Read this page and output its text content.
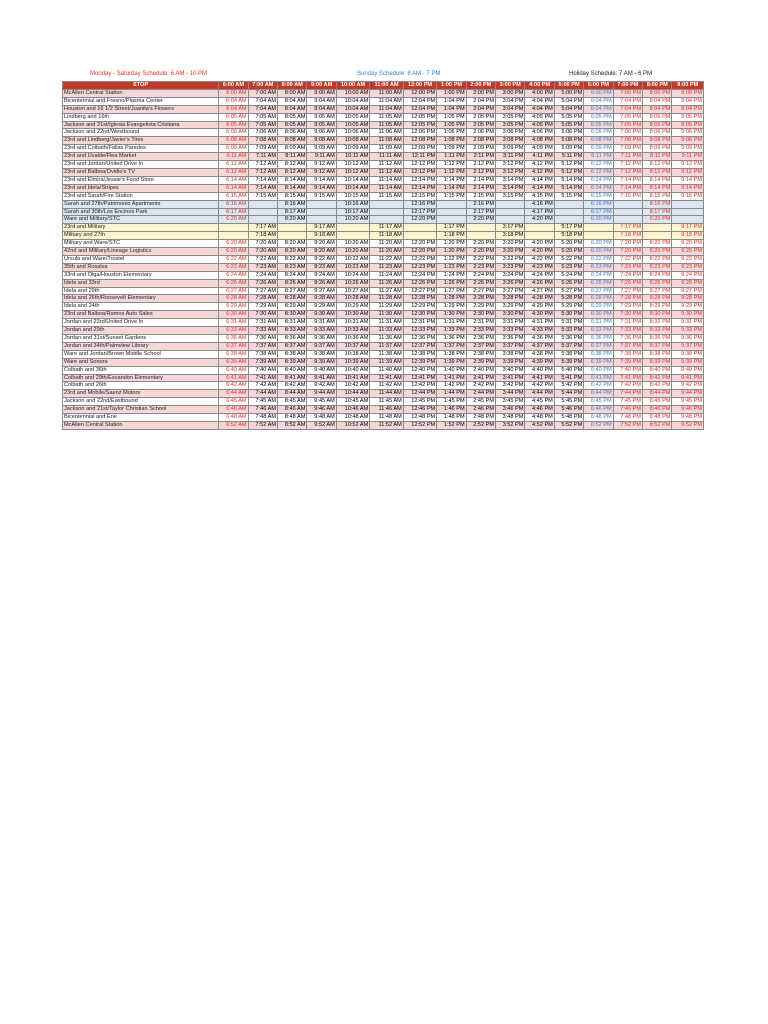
Monday - Saturday Schedule: 6 AM - 10 PM	Sunday Schedule: 8 AM - 7 PM	Holiday Schedule: 7 AM - 6 PM
STOP	6:00 AM	7:00 AM	8:00 AM	9:00 AM	10:00 AM	11:00 AM	12:00 PM	1:00 PM	2:00 PM	3:00 PM	4:00 PM	5:00 PM	6:00 PM	7:00 PM	8:00 PM	9:00 PM
McAllen Central Station	6:00 AM	7:00 AM	8:00 AM	9:00 AM	10:00 AM	11:00 AM	12:00 PM	1:00 PM	2:00 PM	3:00 PM	4:00 PM	5:00 PM	6:00 PM	7:00 PM	8:00 PM	9:00 PM
Bicentennial and Fresno/Plasma Center	6:04 AM	7:04 AM	8:04 AM	9:04 AM	10:04 AM	11:04 AM	12:04 PM	1:04 PM	2:04 PM	3:04 PM	4:04 PM	5:04 PM	6:04 PM	7:04 PM	8:04 PM	9:04 PM
Houston and 16 1/2 Street/Juanita's Flowers	6:04 AM	7:04 AM	8:04 AM	9:04 AM	10:04 AM	11:04 AM	12:04 PM	1:04 PM	2:04 PM	3:04 PM	4:04 PM	5:04 PM	6:04 PM	7:04 PM	8:04 PM	9:04 PM
Lindberg and 16th	6:05 AM	7:05 AM	8:05 AM	9:05 AM	10:05 AM	11:05 AM	12:05 PM	1:05 PM	2:05 PM	3:05 PM	4:05 PM	5:05 PM	6:05 PM	7:05 PM	8:05 PM	9:05 PM
Jackson and 21st/Iglesia Evangelista Cristiana	6:05 AM	7:05 AM	8:05 AM	9:05 AM	10:05 AM	11:05 AM	12:05 PM	1:05 PM	2:05 PM	3:05 PM	4:05 PM	5:05 PM	6:05 PM	7:05 PM	8:05 PM	9:05 PM
Jackson and 22nd/Westbound	6:06 AM	7:06 AM	8:06 AM	9:06 AM	10:06 AM	11:06 AM	12:06 PM	1:06 PM	2:06 PM	3:06 PM	4:06 PM	5:06 PM	6:06 PM	7:06 PM	8:06 PM	9:06 PM
23rd and Lindberg/Javier's Tires	6:08 AM	7:08 AM	8:08 AM	9:08 AM	10:08 AM	11:08 AM	12:08 PM	1:08 PM	2:08 PM	3:08 PM	4:08 PM	5:08 PM	6:08 PM	7:08 PM	8:08 PM	9:08 PM
23rd and Colbath/Fallas Paredes	6:09 AM	7:09 AM	8:09 AM	9:09 AM	10:09 AM	11:09 AM	12:09 PM	1:09 PM	2:09 PM	3:09 PM	4:09 PM	5:09 PM	6:09 PM	7:09 PM	8:09 PM	9:09 PM
23rd and Uvalde/Flea Market	6:11 AM	7:11 AM	8:11 AM	9:11 AM	10:11 AM	11:11 AM	12:11 PM	1:11 PM	2:11 PM	3:11 PM	4:11 PM	5:11 PM	6:11 PM	7:11 PM	8:11 PM	9:11 PM
23rd and Jordan/United Drive In	6:12 AM	7:12 AM	8:12 AM	9:12 AM	10:12 AM	11:12 AM	12:12 PM	1:12 PM	2:12 PM	3:12 PM	4:12 PM	5:12 PM	6:12 PM	7:12 PM	8:12 PM	9:12 PM
23rd and Balboa/Ovidio's TV	6:12 AM	7:12 AM	8:12 AM	9:12 AM	10:12 AM	11:12 AM	12:12 PM	1:12 PM	2:12 PM	3:12 PM	4:12 PM	5:12 PM	6:12 PM	7:12 PM	8:12 PM	9:12 PM
23rd and Elmira/Jessie's Food Store	6:14 AM	7:14 AM	8:14 AM	9:14 AM	10:14 AM	11:14 AM	12:14 PM	1:14 PM	2:14 PM	3:14 PM	4:14 PM	5:14 PM	6:14 PM	7:14 PM	8:14 PM	9:14 PM
23rd and Idela/Stripes	6:14 AM	7:14 AM	8:14 AM	9:14 AM	10:14 AM	11:14 AM	12:14 PM	1:14 PM	2:14 PM	3:14 PM	4:14 PM	5:14 PM	6:14 PM	7:14 PM	8:14 PM	9:14 PM
23rd and Sarah/Fire Station	6:15 AM	7:15 AM	8:15 AM	9:15 AM	10:15 AM	11:15 AM	12:15 PM	1:15 PM	2:15 PM	3:15 PM	4:15 PM	5:15 PM	6:15 PM	7:15 PM	8:15 PM	9:15 PM
Sarah and 27th/Patrimonio Apartments	6:16 AM		8:16 AM		10:16 AM		12:16 PM		2:16 PM		4:16 PM		6:16 PM		8:16 PM	
Sarah and 30th/Los Encinos Park	6:17 AM		8:17 AM		10:17 AM		12:17 PM		2:17 PM		4:17 PM		6:17 PM		8:17 PM	
Ware and Military/STC	6:20 AM		8:20 AM		10:20 AM		12:20 PM		2:20 PM		4:20 PM		6:20 PM		8:20 PM	
23rd and Military		7:17 AM		9:17 AM		11:17 AM		1:17 PM		3:17 PM		5:17 PM		7:17 PM		9:17 PM
Military and 27th		7:18 AM		9:18 AM		11:18 AM		1:18 PM		3:18 PM		5:18 PM		7:18 PM		9:18 PM
Military and Ware/STC	6:20 AM	7:20 AM	8:20 AM	9:20 AM	10:20 AM	11:20 AM	12:20 PM	1:20 PM	2:20 PM	3:20 PM	4:20 PM	5:20 PM	6:20 PM	7:20 PM	8:20 PM	9:20 PM
42nd and Military/Lineage Logistics	6:20 AM	7:20 AM	8:20 AM	9:20 AM	10:20 AM	11:20 AM	12:20 PM	1:20 PM	2:20 PM	3:20 PM	4:20 PM	5:20 PM	6:20 PM	7:20 PM	8:20 PM	9:20 PM
Ursula and Ware/Trostel	6:22 AM	7:22 AM	8:22 AM	9:22 AM	10:22 AM	11:22 AM	12:22 PM	1:22 PM	2:22 PM	3:22 PM	4:22 PM	5:22 PM	6:22 PM	7:22 PM	8:22 PM	9:22 PM
35th and Rosalva	6:23 AM	7:23 AM	8:23 AM	9:23 AM	10:23 AM	11:23 AM	12:23 PM	1:23 PM	2:23 PM	3:23 PM	4:23 PM	5:23 PM	6:23 PM	7:23 PM	8:23 PM	9:23 PM
33rd and Olga/Houston Elementary	6:24 AM	7:24 AM	8:24 AM	9:24 AM	10:24 AM	11:24 AM	12:24 PM	1:24 PM	2:24 PM	3:24 PM	4:24 PM	5:24 PM	6:24 PM	7:24 PM	8:24 PM	9:24 PM
Idela and 33rd	6:26 AM	7:26 AM	8:26 AM	9:26 AM	10:26 AM	11:26 AM	12:26 PM	1:26 PM	2:26 PM	3:26 PM	4:26 PM	5:26 PM	6:26 PM	7:26 PM	8:26 PM	9:26 PM
Idela and 29th	6:27 AM	7:27 AM	8:27 AM	9:27 AM	10:27 AM	11:27 AM	12:27 PM	1:27 PM	2:27 PM	3:27 PM	4:27 PM	5:27 PM	6:27 PM	7:27 PM	8:27 PM	9:27 PM
Idela and 26th/Roosevelt Elementary	6:28 AM	7:28 AM	8:28 AM	9:28 AM	10:28 AM	11:28 AM	12:28 PM	1:28 PM	2:28 PM	3:28 PM	4:28 PM	5:28 PM	6:28 PM	7:28 PM	8:28 PM	9:28 PM
Idela and 24th	6:29 AM	7:29 AM	8:29 AM	9:29 AM	10:29 AM	11:29 AM	12:29 PM	1:29 PM	2:29 PM	3:29 PM	4:29 PM	5:29 PM	6:29 PM	7:29 PM	8:29 PM	9:29 PM
23rd and Balboa/Ramos Auto Sales	6:30 AM	7:30 AM	8:30 AM	9:30 AM	10:30 AM	11:30 AM	12:30 PM	1:30 PM	2:30 PM	3:30 PM	4:30 PM	5:30 PM	6:30 PM	7:30 PM	8:30 PM	9:30 PM
Jordan and 23rd/United Drive In	6:31 AM	7:31 AM	8:31 AM	9:31 AM	10:31 AM	11:31 AM	12:31 PM	1:31 PM	2:31 PM	3:31 PM	4:31 PM	5:31 PM	6:31 PM	7:31 PM	8:31 PM	9:31 PM
Jordan and 29th	6:33 AM	7:33 AM	8:33 AM	9:33 AM	10:33 AM	11:33 AM	12:33 PM	1:33 PM	2:33 PM	3:33 PM	4:33 PM	5:33 PM	6:33 PM	7:33 PM	8:33 PM	9:33 PM
Jordan and 31st/Sunset Gardens	6:36 AM	7:36 AM	8:36 AM	9:36 AM	10:36 AM	11:36 AM	12:36 PM	1:36 PM	2:36 PM	3:36 PM	4:36 PM	5:36 PM	6:36 PM	7:36 PM	8:36 PM	9:36 PM
Jordan and 34th/Palmview Library	6:37 AM	7:37 AM	8:37 AM	9:37 AM	10:37 AM	11:37 AM	12:37 PM	1:37 PM	2:37 PM	3:37 PM	4:37 PM	5:37 PM	6:37 PM	7:37 PM	8:37 PM	9:37 PM
Ware and Jordan/Brown Middle School	6:38 AM	7:38 AM	8:38 AM	9:38 AM	10:38 AM	11:38 AM	12:38 PM	1:38 PM	2:38 PM	3:38 PM	4:38 PM	5:38 PM	6:38 PM	7:38 PM	8:38 PM	9:38 PM
Ware and Sonora	6:39 AM	7:39 AM	8:39 AM	9:39 AM	10:39 AM	11:39 AM	12:39 PM	1:39 PM	2:39 PM	3:39 PM	4:39 PM	5:39 PM	6:39 PM	7:39 PM	8:39 PM	9:39 PM
Colbath and 36th	6:40 AM	7:40 AM	8:40 AM	9:40 AM	10:40 AM	11:40 AM	12:40 PM	1:40 PM	2:40 PM	3:40 PM	4:40 PM	5:40 PM	6:40 PM	7:40 PM	8:40 PM	9:40 PM
Colbath and 29th/Escandon Elementary	6:41 AM	7:41 AM	8:41 AM	9:41 AM	10:41 AM	11:41 AM	12:41 PM	1:41 PM	2:41 PM	3:41 PM	4:41 PM	5:41 PM	6:41 PM	7:41 PM	8:41 PM	9:41 PM
Colbath and 26th	6:42 AM	7:42 AM	8:42 AM	9:42 AM	10:42 AM	11:42 AM	12:42 PM	1:42 PM	2:42 PM	3:42 PM	4:42 PM	5:42 PM	6:42 PM	7:42 PM	8:42 PM	9:42 PM
23rd and Mobile/Saenz Motors	6:44 AM	7:44 AM	8:44 AM	9:44 AM	10:44 AM	11:44 AM	12:44 PM	1:44 PM	2:44 PM	3:44 PM	4:44 PM	5:44 PM	6:44 PM	7:44 PM	8:44 PM	9:44 PM
Jackson and 22nd/Eastbound	6:45 AM	7:45 AM	8:45 AM	9:45 AM	10:45 AM	11:45 AM	12:45 PM	1:45 PM	2:45 PM	3:45 PM	4:45 PM	5:45 PM	6:45 PM	7:45 PM	8:45 PM	9:45 PM
Jackson and 21st/Taylor Christian School	6:46 AM	7:46 AM	8:46 AM	9:46 AM	10:46 AM	11:46 AM	12:46 PM	1:46 PM	2:46 PM	3:46 PM	4:46 PM	5:46 PM	6:46 PM	7:46 PM	8:46 PM	9:46 PM
Bicentennial and Erie	6:48 AM	7:48 AM	8:48 AM	9:48 AM	10:48 AM	11:48 AM	12:48 PM	1:48 PM	2:48 PM	3:48 PM	4:48 PM	5:48 PM	6:48 PM	7:48 PM	8:48 PM	9:48 PM
McAllen Central Station	6:52 AM	7:52 AM	8:52 AM	9:52 AM	10:52 AM	11:52 AM	12:52 PM	1:52 PM	2:52 PM	3:52 PM	4:52 PM	5:52 PM	6:52 PM	7:52 PM	8:52 PM	9:52 PM
